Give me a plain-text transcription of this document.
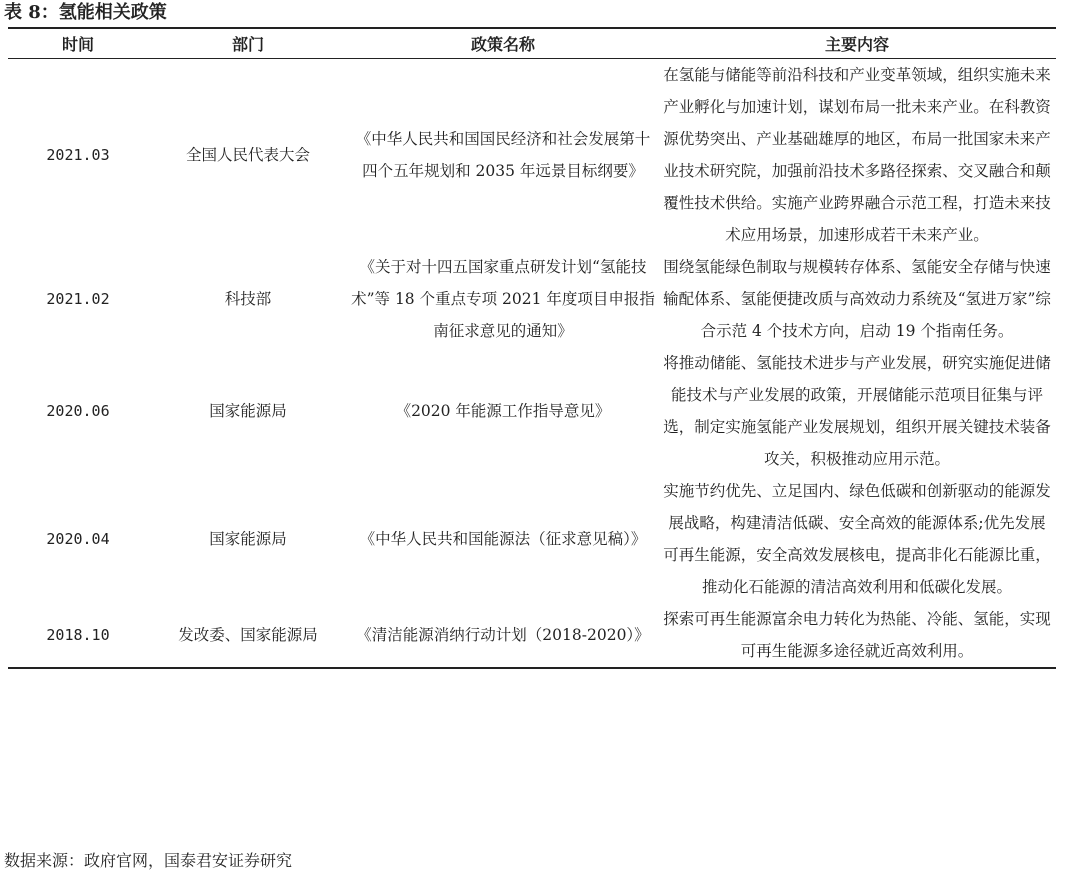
表 8：氢能相关政策
时间	部门	政策名称	主要内容
2021.03	全国人民代表大会	《中华人民共和国国民经济和社会发展第十四个五年规划和 2035 年远景目标纲要》	在氢能与储能等前沿科技和产业变革领域，组织实施未来产业孵化与加速计划，谋划布局一批未来产业。在科教资源优势突出、产业基础雄厚的地区，布局一批国家未来产业技术研究院，加强前沿技术多路径探索、交叉融合和颠覆性技术供给。实施产业跨界融合示范工程，打造未来技术应用场景，加速形成若干未来产业。
2021.02	科技部	《关于对十四五国家重点研发计划“氢能技术”等 18 个重点专项 2021 年度项目申报指南征求意见的通知》	围绕氢能绿色制取与规模转存体系、氢能安全存储与快速输配体系、氢能便捷改质与高效动力系统及“氢进万家”综合示范 4 个技术方向，启动 19 个指南任务。
2020.06	国家能源局	《2020 年能源工作指导意见》	将推动储能、氢能技术进步与产业发展，研究实施促进储能技术与产业发展的政策，开展储能示范项目征集与评选，制定实施氢能产业发展规划，组织开展关键技术装备攻关，积极推动应用示范。
2020.04	国家能源局	《中华人民共和国能源法（征求意见稿）》	实施节约优先、立足国内、绿色低碳和创新驱动的能源发展战略，构建清洁低碳、安全高效的能源体系;优先发展可再生能源，安全高效发展核电，提高非化石能源比重，推动化石能源的清洁高效利用和低碳化发展。
2018.10	发改委、国家能源局	《清洁能源消纳行动计划（2018-2020）》	探索可再生能源富余电力转化为热能、冷能、氢能，实现可再生能源多途径就近高效利用。
数据来源：政府官网，国泰君安证券研究
